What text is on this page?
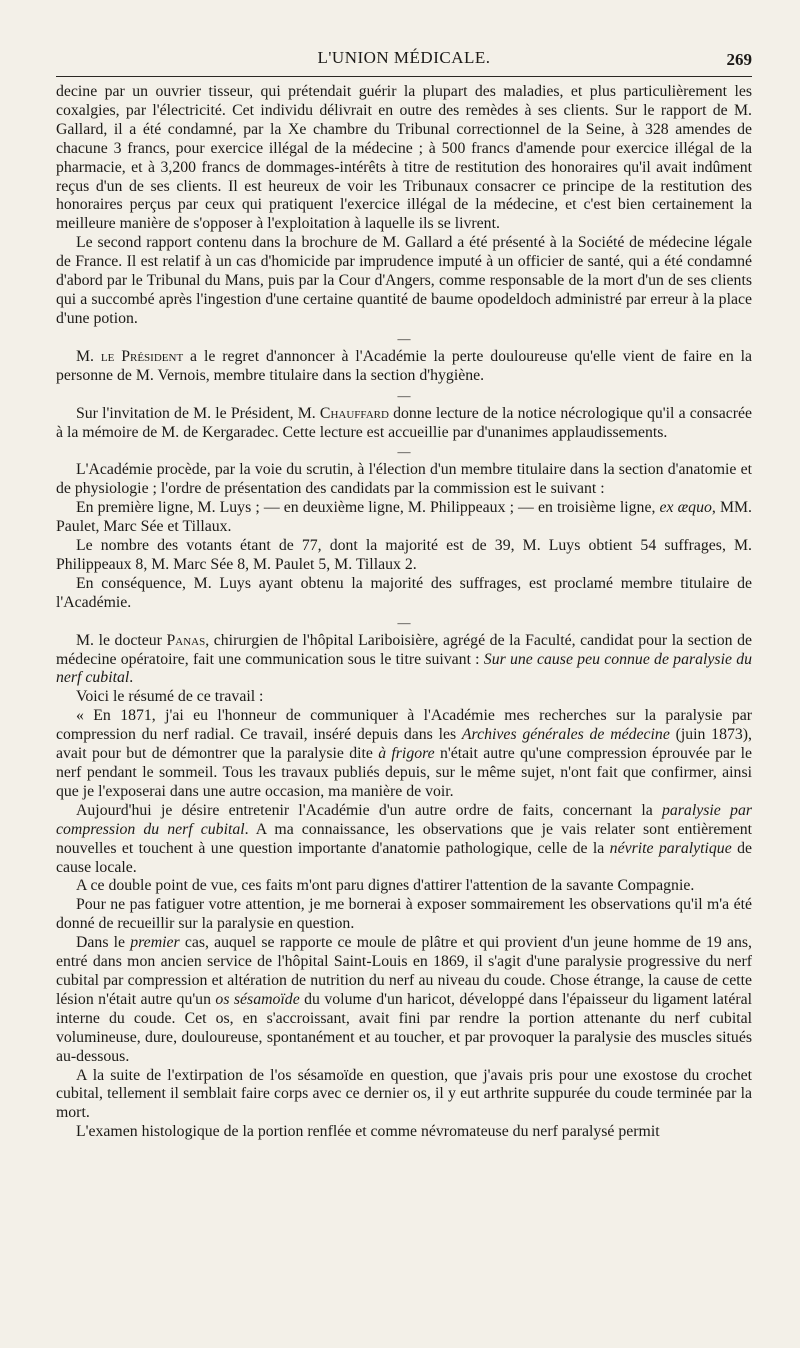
L'UNION MÉDICALE.	269

decine par un ouvrier tisseur, qui prétendait guérir la plupart des maladies, et plus particulièrement les coxalgies, par l'électricité. Cet individu délivrait en outre des remèdes à ses clients. Sur le rapport de M. Gallard, il a été condamné, par la Xe chambre du Tribunal correctionnel de la Seine, à 328 amendes de chacune 3 francs, pour exercice illégal de la médecine ; à 500 francs d'amende pour exercice illégal de la pharmacie, et à 3,200 francs de dommages-intérêts à titre de restitution des honoraires qu'il avait indûment reçus d'un de ses clients. Il est heureux de voir les Tribunaux consacrer ce principe de la restitution des honoraires perçus par ceux qui pratiquent l'exercice illégal de la médecine, et c'est bien certainement la meilleure manière de s'opposer à l'exploitation à laquelle ils se livrent.

Le second rapport contenu dans la brochure de M. Gallard a été présenté à la Société de médecine légale de France. Il est relatif à un cas d'homicide par imprudence imputé à un officier de santé, qui a été condamné d'abord par le Tribunal du Mans, puis par la Cour d'Angers, comme responsable de la mort d'un de ses clients qui a succombé après l'ingestion d'une certaine quantité de baume opodeldoch administré par erreur à la place d'une potion.

—

M. le Président a le regret d'annoncer à l'Académie la perte douloureuse qu'elle vient de faire en la personne de M. Vernois, membre titulaire dans la section d'hygiène.

—

Sur l'invitation de M. le Président, M. Chauffard donne lecture de la notice nécrologique qu'il a consacrée à la mémoire de M. de Kergaradec. Cette lecture est accueillie par d'unanimes applaudissements.

—

L'Académie procède, par la voie du scrutin, à l'élection d'un membre titulaire dans la section d'anatomie et de physiologie ; l'ordre de présentation des candidats par la commission est le suivant :

En première ligne, M. Luys ; — en deuxième ligne, M. Philippeaux ; — en troisième ligne, ex æquo, MM. Paulet, Marc Sée et Tillaux.

Le nombre des votants étant de 77, dont la majorité est de 39, M. Luys obtient 54 suffrages, M. Philippeaux 8, M. Marc Sée 8, M. Paulet 5, M. Tillaux 2.

En conséquence, M. Luys ayant obtenu la majorité des suffrages, est proclamé membre titulaire de l'Académie.

—

M. le docteur Panas, chirurgien de l'hôpital Lariboisière, agrégé de la Faculté, candidat pour la section de médecine opératoire, fait une communication sous le titre suivant : Sur une cause peu connue de paralysie du nerf cubital.

Voici le résumé de ce travail :

« En 1871, j'ai eu l'honneur de communiquer à l'Académie mes recherches sur la paralysie par compression du nerf radial. Ce travail, inséré depuis dans les Archives générales de médecine (juin 1873), avait pour but de démontrer que la paralysie dite à frigore n'était autre qu'une compression éprouvée par le nerf pendant le sommeil. Tous les travaux publiés depuis, sur le même sujet, n'ont fait que confirmer, ainsi que je l'exposerai dans une autre occasion, ma manière de voir.

Aujourd'hui je désire entretenir l'Académie d'un autre ordre de faits, concernant la paralysie par compression du nerf cubital. A ma connaissance, les observations que je vais relater sont entièrement nouvelles et touchent à une question importante d'anatomie pathologique, celle de la névrite paralytique de cause locale.

A ce double point de vue, ces faits m'ont paru dignes d'attirer l'attention de la savante Compagnie.

Pour ne pas fatiguer votre attention, je me bornerai à exposer sommairement les observations qu'il m'a été donné de recueillir sur la paralysie en question.

Dans le premier cas, auquel se rapporte ce moule de plâtre et qui provient d'un jeune homme de 19 ans, entré dans mon ancien service de l'hôpital Saint-Louis en 1869, il s'agit d'une paralysie progressive du nerf cubital par compression et altération de nutrition du nerf au niveau du coude. Chose étrange, la cause de cette lésion n'était autre qu'un os sésamoïde du volume d'un haricot, développé dans l'épaisseur du ligament latéral interne du coude. Cet os, en s'accroissant, avait fini par rendre la portion attenante du nerf cubital volumineuse, dure, douloureuse, spontanément et au toucher, et par provoquer la paralysie des muscles situés au-dessous.

A la suite de l'extirpation de l'os sésamoïde en question, que j'avais pris pour une exostose du crochet cubital, tellement il semblait faire corps avec ce dernier os, il y eut arthrite suppurée du coude terminée par la mort.

L'examen histologique de la portion renflée et comme névromateuse du nerf paralysé permit
